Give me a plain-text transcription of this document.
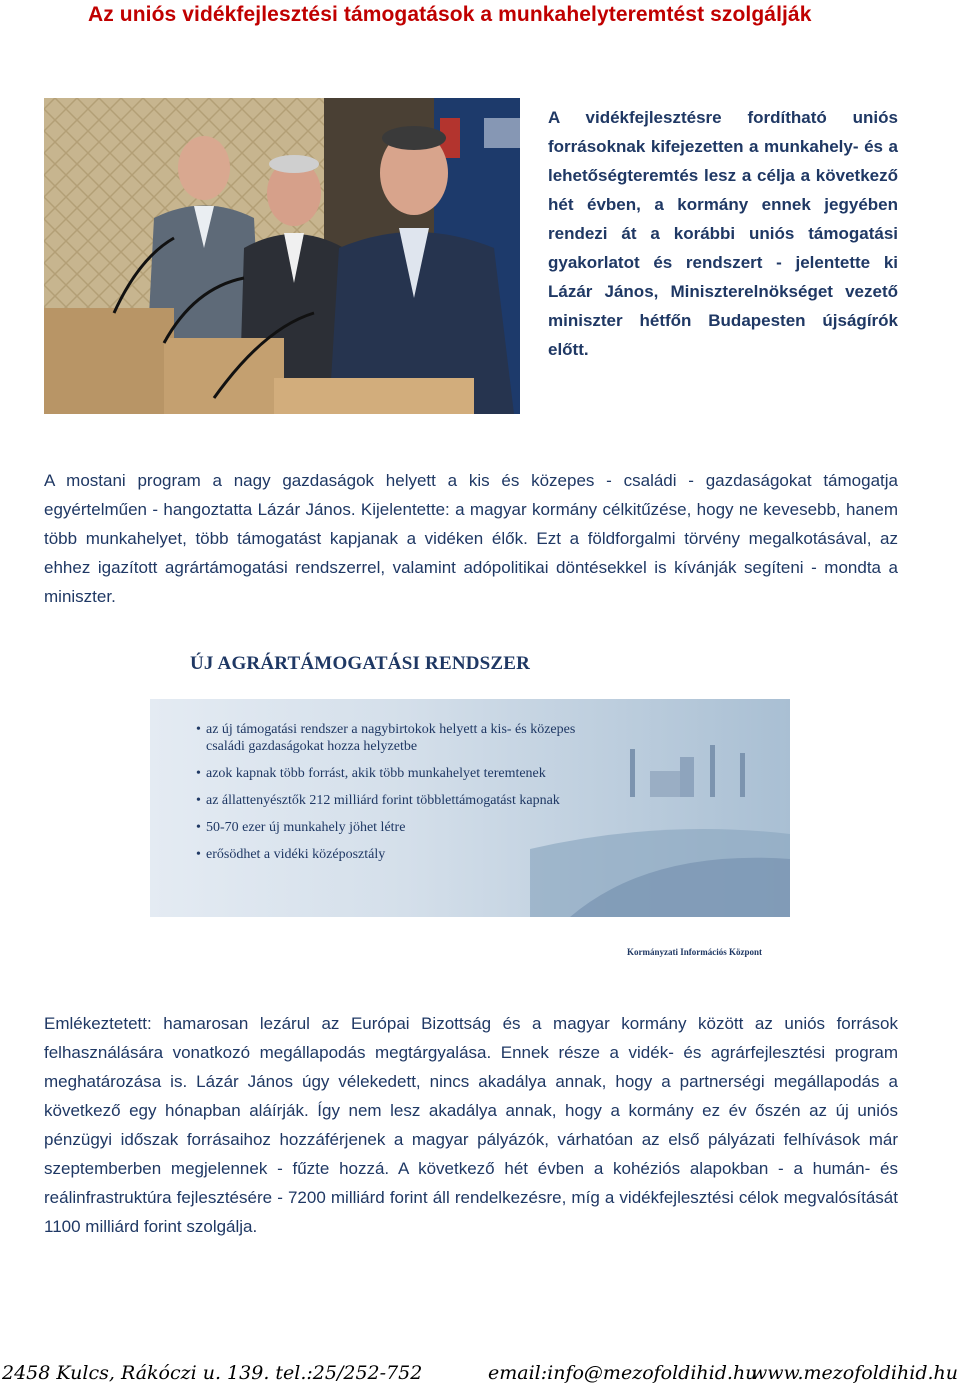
Az uniós vidékfejlesztési támogatások a munkahelyteremtést szolgálják

A vidékfejlesztésre fordítható uniós forrásoknak kifejezetten a munkahely- és a lehetőségteremtés lesz a célja a következő hét évben, a kormány ennek jegyében rendezi át a korábbi uniós támogatási gyakorlatot és rendszert - jelentette ki Lázár János, Miniszterelnökséget vezető miniszter hétfőn Budapesten újságírók előtt.

A mostani program a nagy gazdaságok helyett a kis és közepes - családi - gazdaságokat támogatja egyértelműen - hangoztatta Lázár János. Kijelentette: a magyar kormány célkitűzése, hogy ne kevesebb, hanem több munkahelyet, több támogatást kapjanak a vidéken élők. Ezt a földforgalmi törvény megalkotásával, az ehhez igazított agrártámogatási rendszerrel, valamint adópolitikai döntésekkel is kívánják segíteni - mondta a miniszter.

ÚJ AGRÁRTÁMOGATÁSI RENDSZER
• az új támogatási rendszer a nagybirtokok helyett a kis- és közepes családi gazdaságokat hozza helyzetbe
• azok kapnak több forrást, akik több munkahelyet teremtenek
• az állattenyésztők 212 milliárd forint többlettámogatást kapnak
• 50-70 ezer új munkahely jöhet létre
• erősödhet a vidéki középosztály

Kormányzati Információs Központ

Emlékeztetett: hamarosan lezárul az Európai Bizottság és a magyar kormány között az uniós források felhasználására vonatkozó megállapodás megtárgyalása. Ennek része a vidék- és agrárfejlesztési program meghatározása is. Lázár János úgy vélekedett, nincs akadálya annak, hogy a partnerségi megállapodás a következő egy hónapban aláírják. Így nem lesz akadálya annak, hogy a kormány ez év őszén az új uniós pénzügyi időszak forrásaihoz hozzáférjenek a magyar pályázók, várhatóan az első pályázati felhívások már szeptemberben megjelennek - fűzte hozzá. A következő hét évben a kohéziós alapokban - a humán- és reálinfrastruktúra fejlesztésére - 7200 milliárd forint áll rendelkezésre, míg a vidékfejlesztési célok megvalósítását 1100 milliárd forint szolgálja.

2458 Kulcs, Rákóczi u. 139. tel.:25/252-752	email:info@mezofoldihid.hu
www.mezofoldihid.hu
